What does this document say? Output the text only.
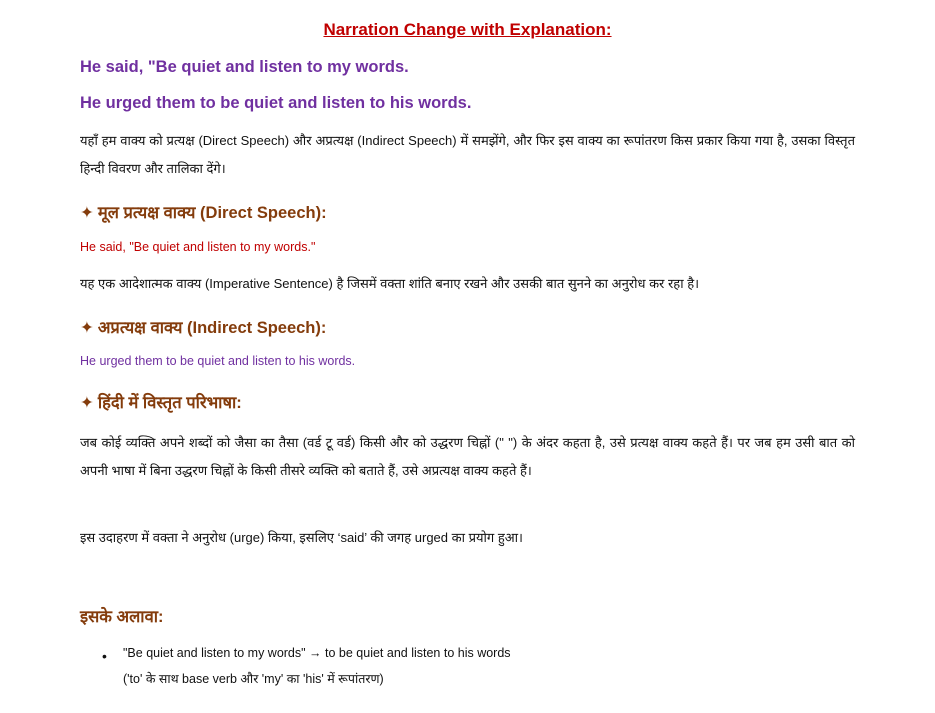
Narration Change with Explanation:
He said, "Be quiet and listen to my words.
He urged them to be quiet and listen to his words.
यहाँ हम वाक्य को प्रत्यक्ष (Direct Speech) और अप्रत्यक्ष (Indirect Speech) में समझेंगे, और फिर इस वाक्य का रूपांतरण किस प्रकार किया गया है, उसका विस्तृत हिन्दी विवरण और तालिका देंगे।
✦ मूल प्रत्यक्ष वाक्य (Direct Speech):
He said, "Be quiet and listen to my words."
यह एक आदेशात्मक वाक्य (Imperative Sentence) है जिसमें वक्ता शांति बनाए रखने और उसकी बात सुनने का अनुरोध कर रहा है।
✦ अप्रत्यक्ष वाक्य (Indirect Speech):
He urged them to be quiet and listen to his words.
✦ हिंदी में विस्तृत परिभाषा:
जब कोई व्यक्ति अपने शब्दों को जैसा का तैसा (वर्ड टू वर्ड) किसी और को उद्धरण चिह्नों (" ") के अंदर कहता है, उसे प्रत्यक्ष वाक्य कहते हैं। पर जब हम उसी बात को अपनी भाषा में बिना उद्धरण चिह्नों के किसी तीसरे व्यक्ति को बताते हैं, उसे अप्रत्यक्ष वाक्य कहते हैं।
इस उदाहरण में वक्ता ने अनुरोध (urge) किया, इसलिए ‘said’ की जगह urged का प्रयोग हुआ।
इसके अलावा:
• "Be quiet and listen to my words" → to be quiet and listen to his words
('to' के साथ base verb और 'my' का 'his' में रूपांतरण)
